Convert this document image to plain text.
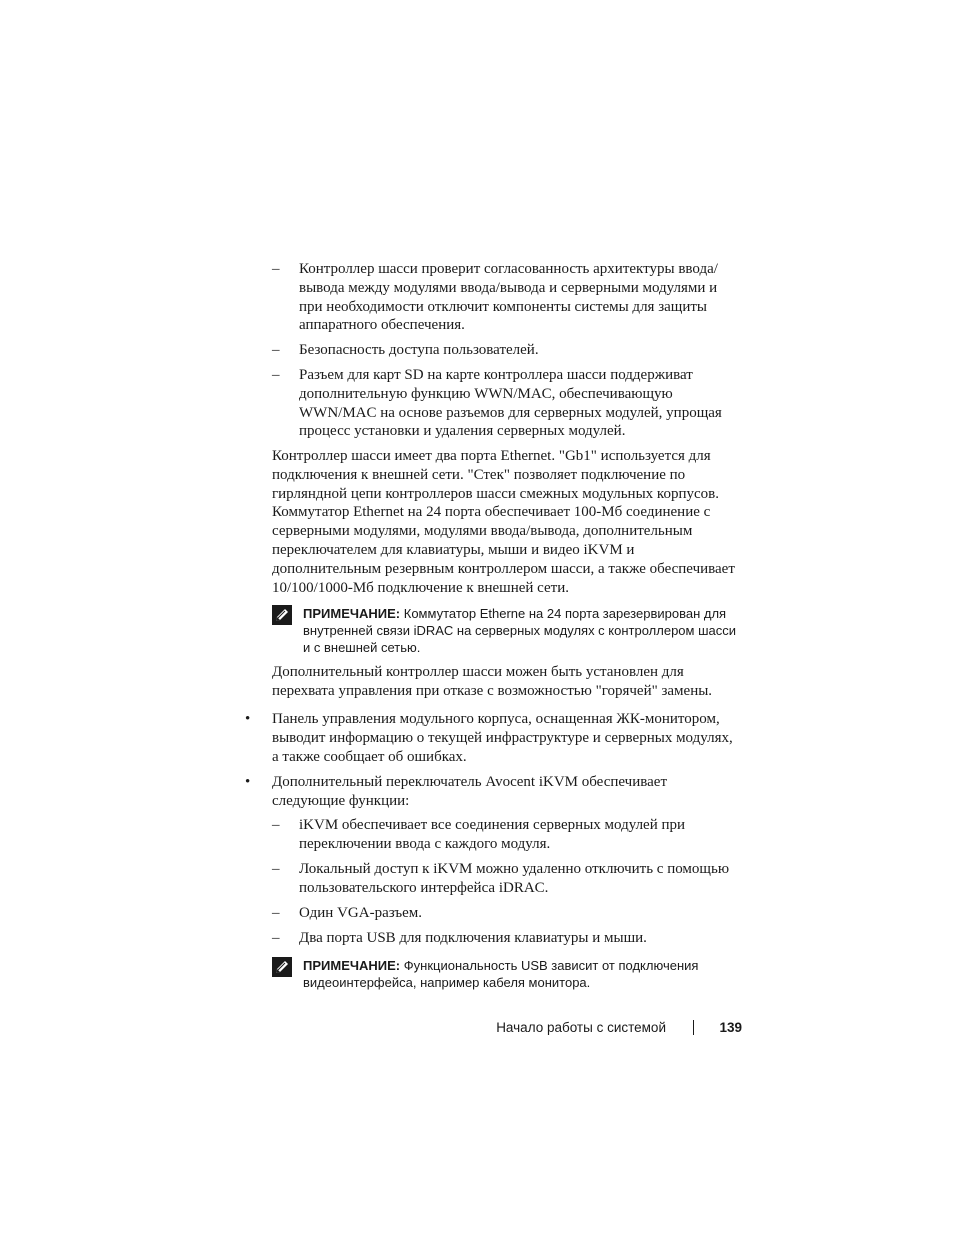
–	Контроллер шасси проверит согласованность архитектуры ввода/вывода между модулями ввода/вывода и серверными модулями и при необходимости отключит компоненты системы для защиты аппаратного обеспечения.
–	Безопасность доступа пользователей.
–	Разъем для карт SD на карте контроллера шасси поддерживат дополнительную функцию WWN/MAC, обеспечивающую WWN/MAC на основе разъемов для серверных модулей, упрощая процесс установки и удаления серверных модулей.
Контроллер шасси имеет два порта Ethernet. "Gb1" используется для подключения к внешней сети. "Стек" позволяет подключение по гирляндной цепи контроллеров шасси смежных модульных корпусов. Коммутатор Ethernet на 24 порта обеспечивает 100-Мб соединение с серверными модулями, модулями ввода/вывода, дополнительным переключателем для клавиатуры, мыши и видео iKVM и дополнительным резервным контроллером шасси, а также обеспечивает 10/100/1000-Мб подключение к внешней сети.
ПРИМЕЧАНИЕ: Коммутатор Etherne на 24 порта зарезервирован для внутренней связи iDRAC на серверных модулях с контроллером шасси и с внешней сетью.
Дополнительный контроллер шасси можен быть установлен для перехвата управления при отказе с возможностью "горячей" замены.
•	Панель управления модульного корпуса, оснащенная ЖК-монитором, выводит информацию о текущей инфраструктуре и серверных модулях, а также сообщает об ошибках.
•	Дополнительный переключатель Avocent iKVM обеспечивает следующие функции:
–	iKVM обеспечивает все соединения серверных модулей при переключении ввода с каждого модуля.
–	Локальный доступ к iKVM можно удаленно отключить с помощью пользовательского интерфейса iDRAC.
–	Один VGA-разъем.
–	Два порта USB для подключения клавиатуры и мыши.
ПРИМЕЧАНИЕ: Функциональность USB зависит от подключения видеоинтерфейса, например кабеля монитора.
Начало работы с системой	139
